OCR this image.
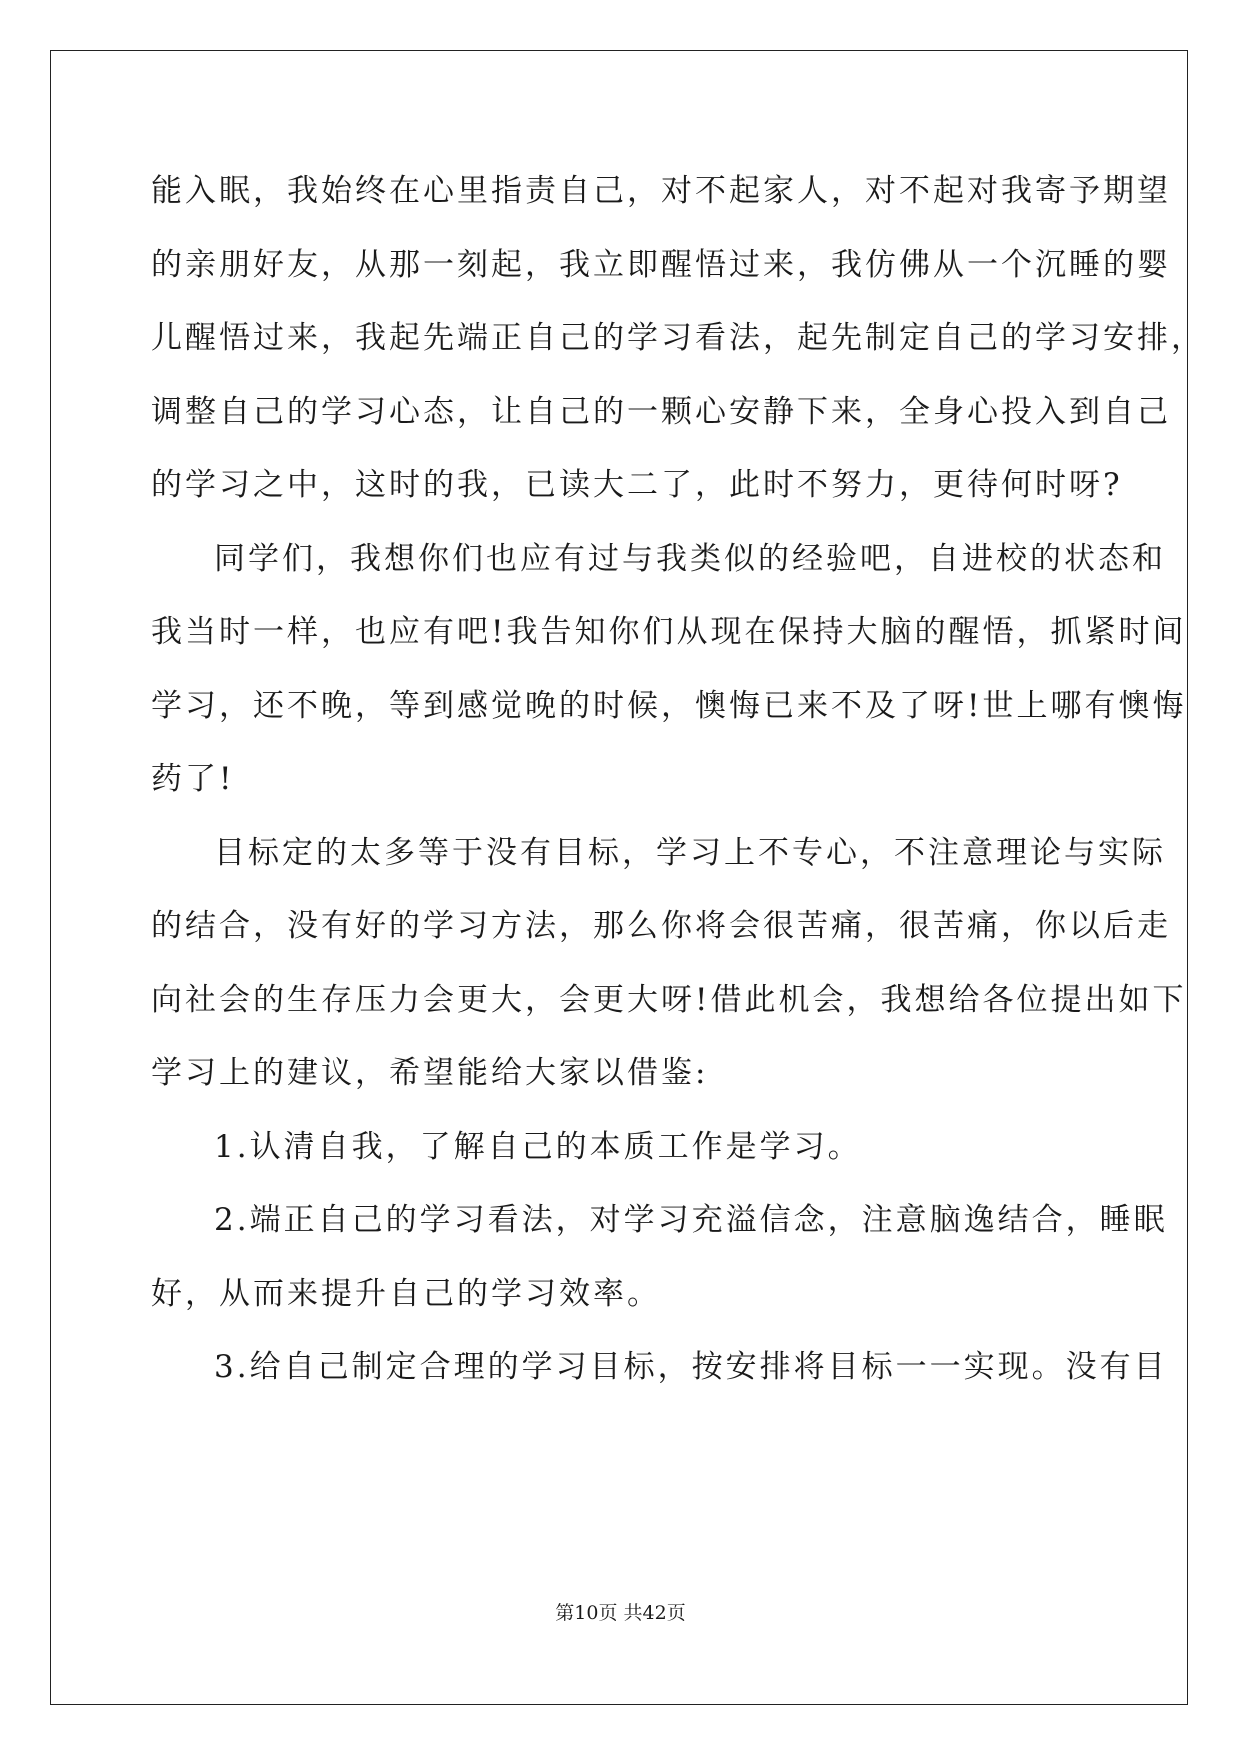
能入眠，我始终在心里指责自己，对不起家人，对不起对我寄予期望
的亲朋好友，从那一刻起，我立即醒悟过来，我仿佛从一个沉睡的婴
儿醒悟过来，我起先端正自己的学习看法，起先制定自己的学习安排，
调整自己的学习心态，让自己的一颗心安静下来，全身心投入到自己
的学习之中，这时的我，已读大二了，此时不努力，更待何时呀?
同学们，我想你们也应有过与我类似的经验吧，自进校的状态和
我当时一样，也应有吧!我告知你们从现在保持大脑的醒悟，抓紧时间
学习，还不晚，等到感觉晚的时候，懊悔已来不及了呀!世上哪有懊悔
药了!
目标定的太多等于没有目标，学习上不专心，不注意理论与实际
的结合，没有好的学习方法，那么你将会很苦痛，很苦痛，你以后走
向社会的生存压力会更大，会更大呀!借此机会，我想给各位提出如下
学习上的建议，希望能给大家以借鉴:
1.认清自我，了解自己的本质工作是学习。
2.端正自己的学习看法，对学习充溢信念，注意脑逸结合，睡眠
好，从而来提升自己的学习效率。
3.给自己制定合理的学习目标，按安排将目标一一实现。没有目
第10页 共42页
